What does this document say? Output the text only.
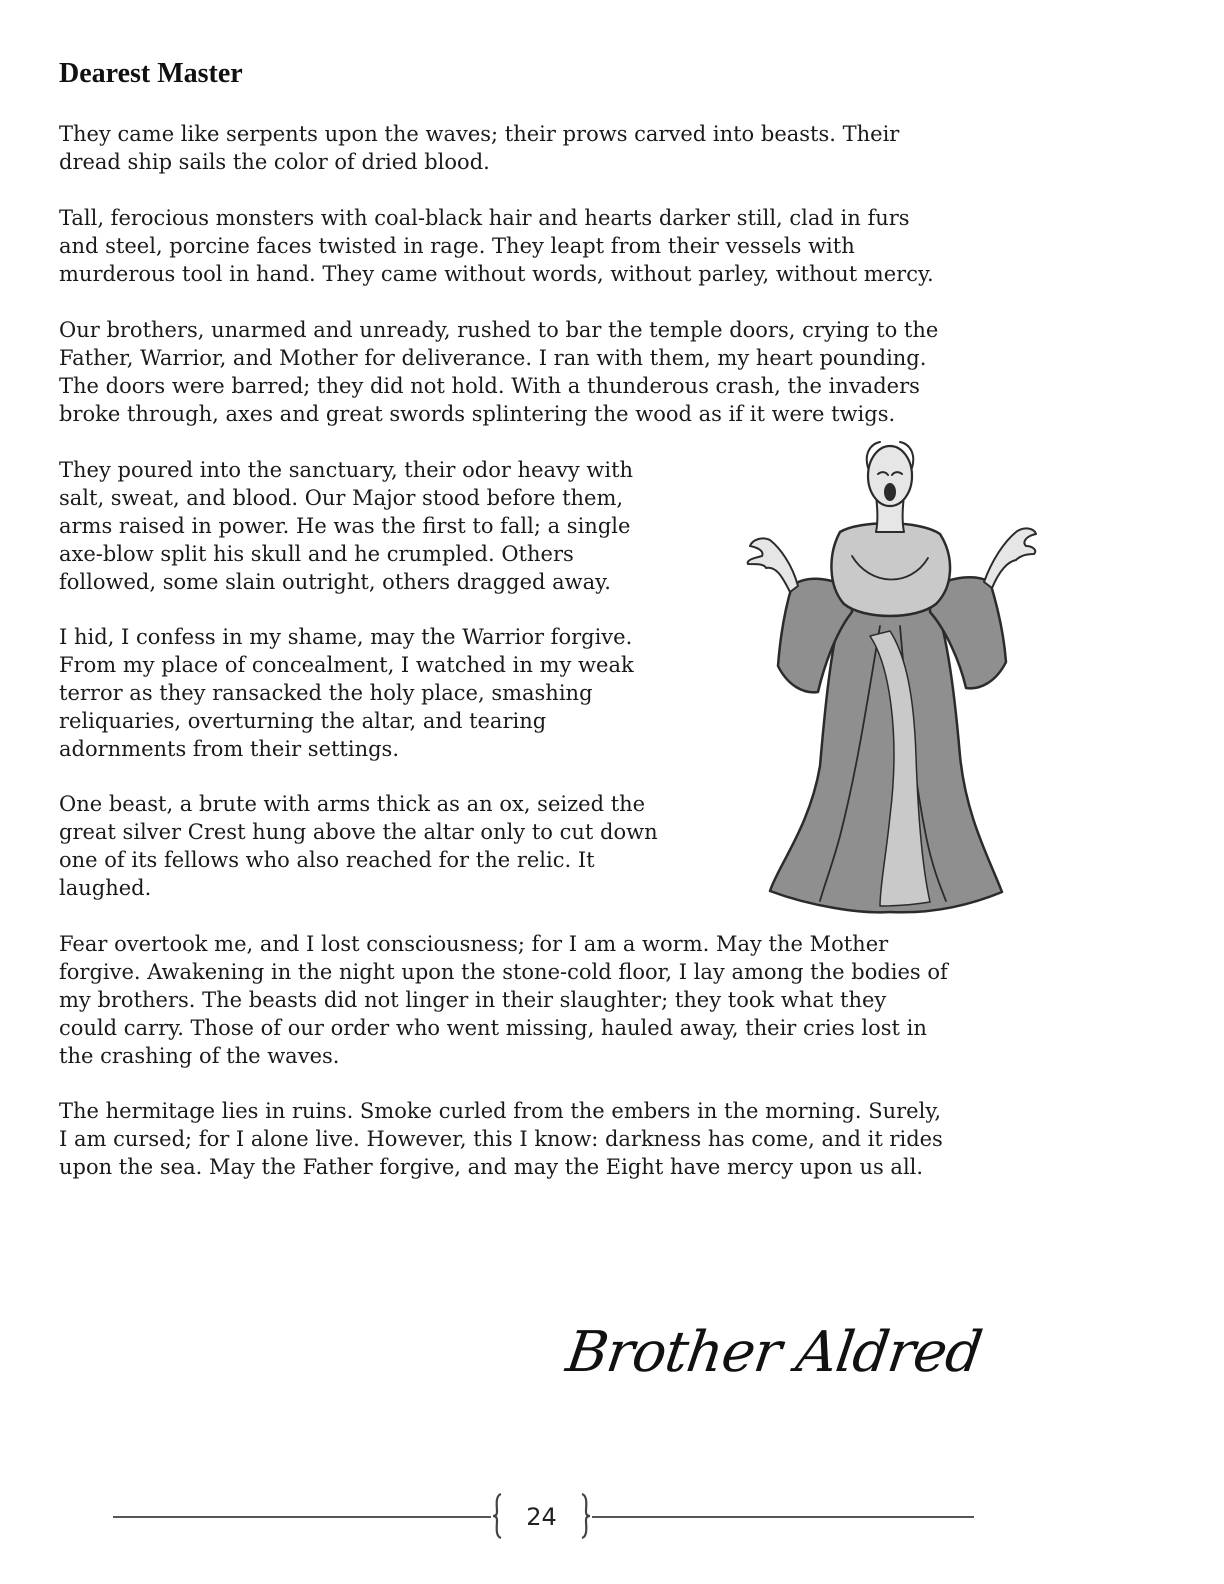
Dearest Master

They came like serpents upon the waves; their prows carved into beasts. Their
dread ship sails the color of dried blood.

Tall, ferocious monsters with coal-black hair and hearts darker still, clad in furs
and steel, porcine faces twisted in rage. They leapt from their vessels with
murderous tool in hand. They came without words, without parley, without mercy.

Our brothers, unarmed and unready, rushed to bar the temple doors, crying to the
Father, Warrior, and Mother for deliverance. I ran with them, my heart pounding.
The doors were barred; they did not hold. With a thunderous crash, the invaders
broke through, axes and great swords splintering the wood as if it were twigs.

They poured into the sanctuary, their odor heavy with
salt, sweat, and blood. Our Major stood before them,
arms raised in power. He was the first to fall; a single
axe-blow split his skull and he crumpled. Others
followed, some slain outright, others dragged away.

I hid, I confess in my shame, may the Warrior forgive.
From my place of concealment, I watched in my weak
terror as they ransacked the holy place, smashing
reliquaries, overturning the altar, and tearing
adornments from their settings.

One beast, a brute with arms thick as an ox, seized the
great silver Crest hung above the altar only to cut down
one of its fellows who also reached for the relic. It
laughed.

Fear overtook me, and I lost consciousness; for I am a worm. May the Mother
forgive. Awakening in the night upon the stone-cold floor, I lay among the bodies of
my brothers. The beasts did not linger in their slaughter; they took what they
could carry. Those of our order who went missing, hauled away, their cries lost in
the crashing of the waves.

The hermitage lies in ruins. Smoke curled from the embers in the morning. Surely,
I am cursed; for I alone live. However, this I know: darkness has come, and it rides
upon the sea. May the Father forgive, and may the Eight have mercy upon us all.

Brother Aldred
24
